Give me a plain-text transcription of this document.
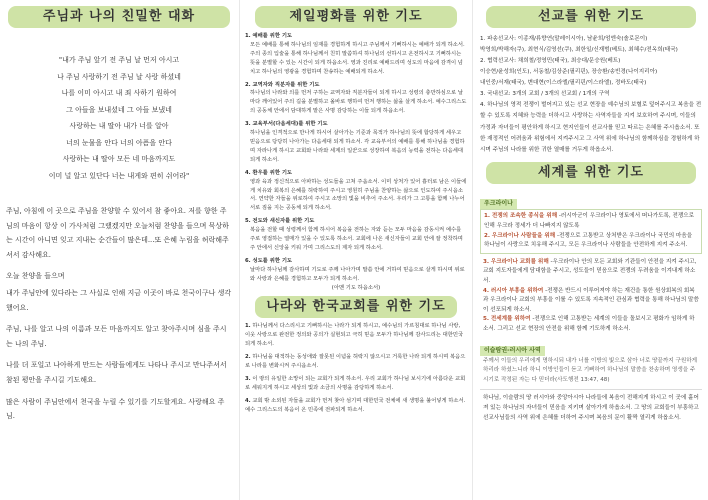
주님과 나의 친밀한 대화
"내가 주님 앞기 전 주님 날 먼저 아시고
나 주님 사랑하기 전 주님 날 사랑 하셨네
나를 이미 아시고 내 죄 사하기 원하여
그 아들을 보내셨네 그 아들 보냈네
사랑하는 내 딸아 내가 너를 알아
너의 눈물을 안다 너의 아픔을 안다
사랑하는 내 딸아 모든 네 마음까지도
이미 널 알고 있단다 너는 내게와 편히 쉬어라"

주님, 아침에 이 곳으로 주님을 찬양할 수 있어서 참 좋아요. 저를 향한 주님의 마음이 항상 이 가사처럼 그랬겠지만 오늘처럼 찬양을 들으며 묵상하는 시간이 아니면 잊고 지내는 순간들이 많은데...또 은혜 누림을 허락해주셔서 감사해요.

오늘 찬양을 들으며

내가 주님안에 있다라는 그 사실로 인해 지금 이곳이 바로 천국이구나 생각했어요.

주님, 나를 알고 나의 이름과 모든 마음까지도 알고 찾아주시며 심을 주시는 나의 주님.

나를 더 포일고 나아하게 만드는 사람들에게도 나타나 주시고 만나주셔서 참된 평안을 주시길 기도해요.

많은 사람이 주님안에서 천국을 누릴 수 있기를 기도할게요. 사랑해요 주님.

제일평화를 위한 기도
1. 예배를 위한 기도
모든 예배를 통해 하나님의 임재를 경험하게 하시고 주님께서 기뻐하시는 예배가 되게 하소서. 주의 종의 입술을 통해 하나님께서 친히 말씀하셔 하나님의 선하시고 온전하시고 기뻐하시는 뜻을 분별할 수 있는 시간이 되게 하옵소서. 영과 진리로 예배드리며 성도의 마음에 감격이 넘치고 하나님의 영광을 경험하며 찬송하는 예배되게 하소서.
2. 교역자와 직분자를 위한 기도
하나님의 나라와 의를 먼저 구하는 교역자와 직분자들이 되게 하시고 성령의 충만하심으로 날마다 깨어있어 주의 길을 분별하고 올바로 행하여 먼저 행하는 삶을 살게 하소서. 예수그리스도의 공동체 안에서 담대하게 맡은 사명 감당하는 이들 되게 하옵소서.
3. 교육부서(다음세대)를 위한 기도
하나님을 인격적으로 만나게 하시어 살아가는 기준과 목적가 하나님의 뜻에 합당하게 세우고 믿음으로 당당히 나아가는 다음세대 되게 하소서. 각 교육부서의 예배를 통해 하나님을 경험하며 자라나게 하시고 교회와 나라와 세계의 일꾼으로 성장하여 복음의 능력을 전하는 다음세대 되게 하소서.
4. 환우를 위한 기도
영과 육과 정신적으로 아파하는 성도들을 고쳐 주옵소서. 이미 상처가 있어 흉터로 남은 이들에게 치유와 회복의 은혜를 허락하여 주시고 영원히 주님을 찬양하는 삶으로 인도하여 주시옵소서. 연약한 자들을 위로하여 주시고 소망의 빛을 비추어 주소서. 우리가 그 고통을 함께 나누어 서로 짐을 지는 공동체 되게 하소서.
5. 전도와 새신자를 위한 기도
복음을 전할 때 성령께서 함께 하시어 복음을 전하는 자와 듣는 모두 마음을 감동시켜 예수를 주로 영접하는 열매가 있을 수 있도록 하소서. 교회에 나온 새신자들이 교회 안에 잘 정착하며 주 안에서 신앙을 키워 가며 그리스도의 제자 되게 하소서.
6. 성도를 위한 기도
날마다 하나님께 감사하며 기도로 주께 나아가며 말씀 안에 거하여 믿음으로 살게 하시며 위로와 사랑과 은혜를 경험하고 모두가 되게 하소서.
(아멘 기도 하옵소서)
나라와 한국교회를 위한 기도
1. 하나님께서 다스리시고 기뻐하시는 나라가 되게 하시고, 예수님의 가르침대로 하나님 사랑, 이웃 사랑으로 완전한 정의와 공의가 실현되고 극히 믿음 모두가 하나님께 감사드리는 대한민국 되게 하소서.
2. 하나님을 대적하는 동성애와 잘못된 이념을 허락지 않으시고 거룩한 나라 되게 하시며 복음으로 나라를 변화시켜 주시옵소서.
3. 이 땅의 유일한 소망이 되는 교회가 되게 하소서. 우리 교회가 하나님 보시기에 아름다운 교회로 세워지게 하시고 세상의 빛과 소금의 사명을 감당하게 하소서.
4. 교회 밖 소외된 자들을 교회가 먼저 찾아 섬기며 대한민국 전체에 새 생명을 불어넣게 하소서. 예수 그리스도의 복음이 온 민족에 전파되게 하소서.
선교를 위한 기도
1. 파송선교사: 이종재/류향연(말레이시아), 남윤희/엄엔숙(솔로몬이)
박영희/박해자(쿠), 최현식/김영선(쿠), 최한일/신재범(베트), 최혜수/전옥희(태국)
2. 협력선교사: 채희철/정영민(태국), 최승대/문승원(베트)
이승현/윤성희(인도), 서동철/김상준(필리핀), 장승환/송빈경(나이지리아)
내인중/서재(태국), 변대현(이스라엘/필리핀/이스라엘), 정바도(태국)
3. 국내선교: 3개의 교회 / 3개의 선교회 / 1개의 구역
4. 하나님의 영적 전쟁이 벌어지고 있는 선교 현장을 예수님의 보혈로 덮어주시고 복음을 전할 수 있도록 지혜와 능력을 더하시고 사랑하는 사역자들을 지켜 보호하여 주시며, 이들의 가정과 자녀들이 평안하게 하시고 현지인들이 선교사를 믿고 따르는 은혜를 주시옵소서. 또한 재정적인 어려움과 위험에서 지켜주시고 그 사역 위에 하나님의 함께하심을 경험하게 하시며 주님의 나라를 위한 귀한 열매를 거두게 하옵소서.
세계를 위한 기도
우크라이나
1. 전쟁의 조속한 종식을 위해 -러시아군이 우크라이나 영토에서 떠나가도록, 전쟁으로 인해 우크라 정세가 더 나빠지지 않도록
2. 우크라이나 사람들을 위해 -전쟁으로 고통받고 상처받은 우크라이나 국민의 마음을 하나님이 사랑으로 치유해 주시고, 모든 우크라이나 사람들을 안전하게 지켜 주소서.
3. 우크라이나 교회를 위해 -우크라이나 안의 모든 교회와 기관들이 안전을 지켜 주시고, 교회 지도자들에게 담대함을 주시고, 성도들이 믿음으로 전쟁의 두려움을 이겨내게 하소서.
4. 러시아 부흥을 위하여 -전쟁은 반드시 이루어져야 하는 재건을 통한 원상회복의 회복과 우크라이나 교회의 부흥을 이룰 수 있도록 지속적인 관심과 협력을 통해 하나님의 말씀이 선포되게 하소서.
5. 전세계를 위하여 -전쟁으로 인해 고통받는 세계의 이들을 돌보시고 평화가 임하게 하소서. 그리고 선교 현장의 안전을 위해 함께 기도하게 하소서.
이슬람권-러시아 사역
주께서 이들의 우리에게 명하시되 내가 너를 이방의 빛으로 삼아 너로 땅끝까지 구원하게 하리라 하셨느니라 하니 이방인들이 듣고 기뻐하여 하나님의 말씀을 찬송하며 영생을 주시기로 작정된 자는 다 믿더라(사도행전 13:47, 48)
하나님, 이슬람의 땅 러시아와 중앙아시아 나라들에 복음이 전해지게 하시고 이 곳에 흩어져 있는 하나님의 자녀들이 믿음을 지키며 살아가게 하옵소서. 그 땅의 교회들이 부흥하고 선교사님들의 사역 위에 은혜를 더하여 주시며 복음의 문이 활짝 열리게 하옵소서.
